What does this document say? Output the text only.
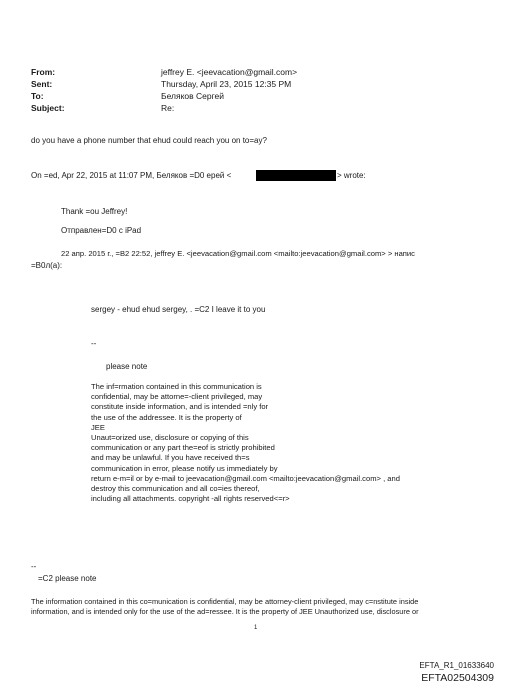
From:	jeffrey E. <jeevacation@gmail.com>
Sent:	Thursday, April 23, 2015 12:35 PM
To:	Беляков Сергей
Subject:	Re:
do you have a phone number that ehud could reach you on to=ay?
On =ed, Apr 22, 2015 at 11:07 PM, Беляков =D0 ерей <	> wrote:
Thank =ou Jeffrey!
Отправлен=D0 с iPad
22 апр. 2015 г., =B2 22:52, jeffrey E. <jeevacation@gmail.com <mailto:jeevacation@gmail.com> > напис
=B0л(а):
sergey - ehud ehud sergey, . =C2 I leave it to you
--
please note
The inf=rmation contained in this communication is
confidential, may be attorne=-client privileged, may
constitute inside information, and is intended =nly for
the use of the addressee. It is the property of
JEE
Unaut=orized use, disclosure or copying of this
communication or any part the=eof is strictly prohibited
and may be unlawful. If you have received th=s
communication in error, please notify us immediately by
return e-m=il or by e-mail to jeevacation@gmail.com <mailto:jeevacation@gmail.com> , and
destroy this communication and all co=ies thereof,
including all attachments. copyright -all rights reserved<=r>
--
=C2 please note
The information contained in this co=munication is confidential, may be attorney-client privileged, may c=nstitute inside
information, and is intended only for the use of the ad=ressee. It is the property of JEE Unauthorized use, disclosure or
1
EFTA_R1_01633640
EFTA02504309
